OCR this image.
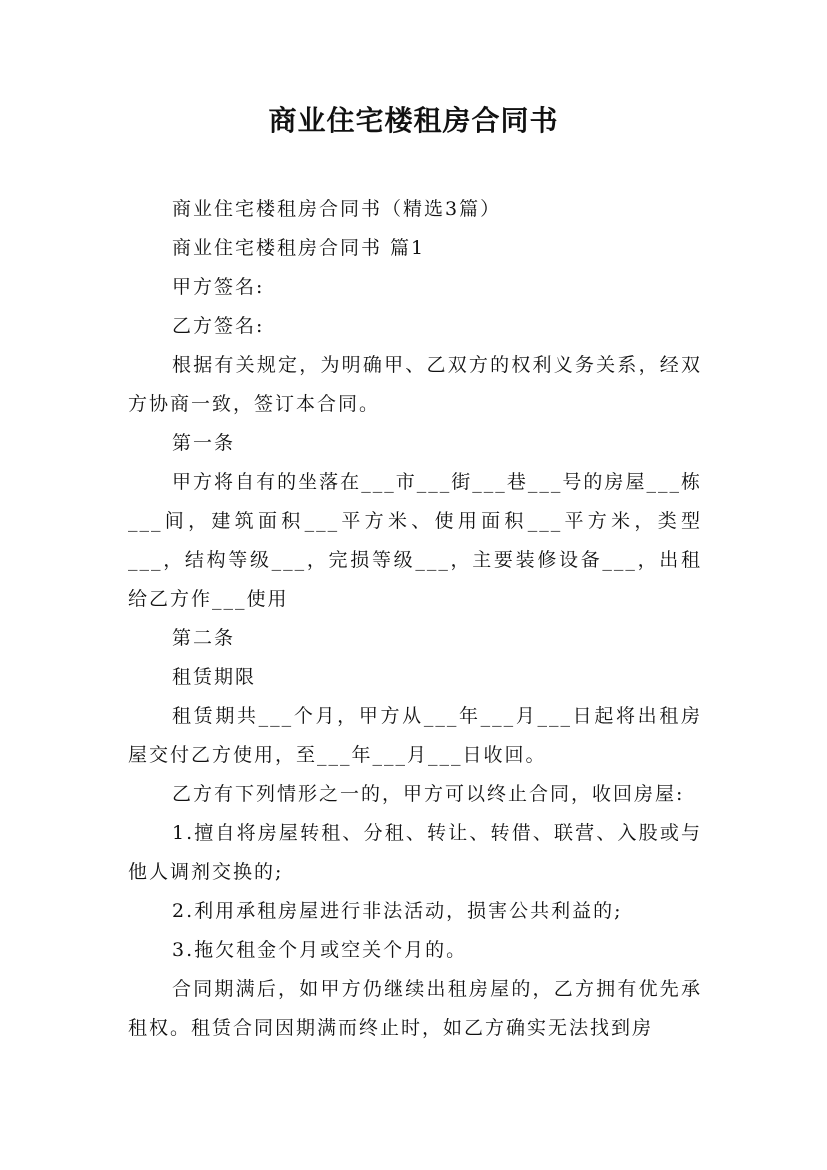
商业住宅楼租房合同书

商业住宅楼租房合同书（精选3篇）

商业住宅楼租房合同书 篇1

甲方签名:

乙方签名:

根据有关规定，为明确甲、乙双方的权利义务关系，经双方协商一致，签订本合同。

第一条

甲方将自有的坐落在___市___街___巷___号的房屋___栋___间，建筑面积___平方米、使用面积___平方米，类型___，结构等级___，完损等级___，主要装修设备___，出租给乙方作___使用

第二条

租赁期限

租赁期共___个月，甲方从___年___月___日起将出租房屋交付乙方使用，至___年___月___日收回。

乙方有下列情形之一的，甲方可以终止合同，收回房屋:

1.擅自将房屋转租、分租、转让、转借、联营、入股或与他人调剂交换的;

2.利用承租房屋进行非法活动，损害公共利益的;

3.拖欠租金个月或空关个月的。

合同期满后，如甲方仍继续出租房屋的，乙方拥有优先承租权。租赁合同因期满而终止时，如乙方确实无法找到房
